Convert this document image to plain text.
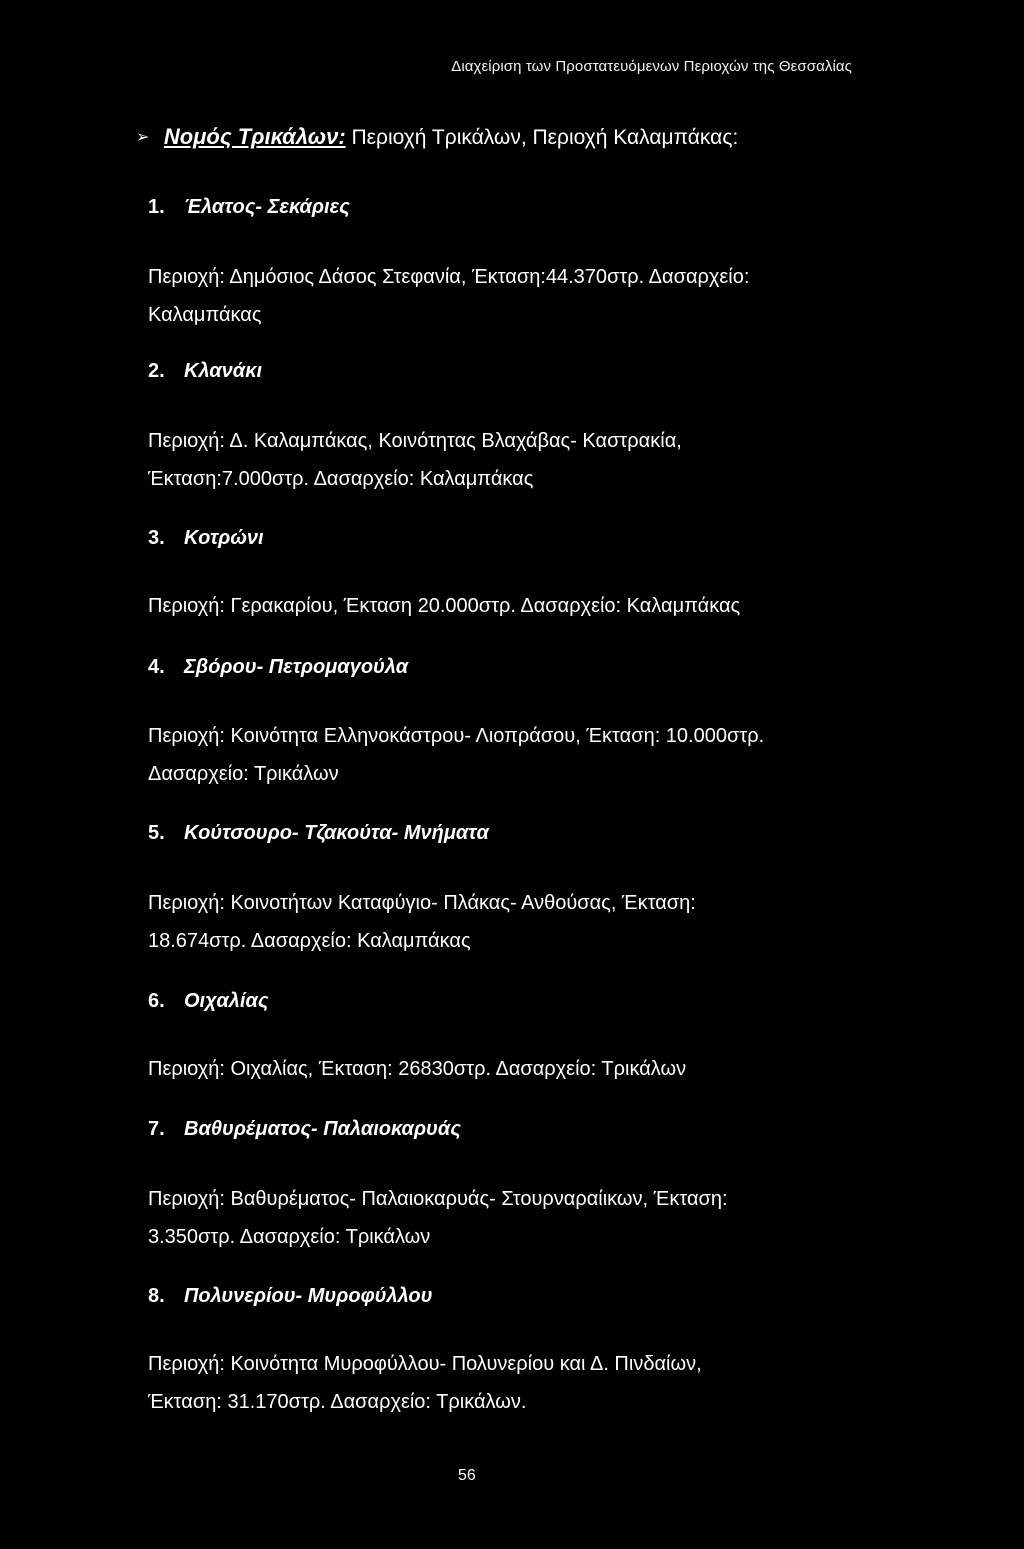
Διαχείριση των Προστατευόμενων Περιοχών της Θεσσαλίας
➢ Νομός Τρικάλων: Περιοχή Τρικάλων, Περιοχή Καλαμπάκας:
1. Έλατος- Σεκάριες
Περιοχή: Δημόσιος Δάσος Στεφανία, Έκταση:44.370στρ. Δασαρχείο:
Καλαμπάκας
2. Κλανάκι
Περιοχή: Δ. Καλαμπάκας, Κοινότητας Βλαχάβας- Καστρακία,
Έκταση:7.000στρ. Δασαρχείο: Καλαμπάκας
3. Κοτρώνι
Περιοχή: Γερακαρίου, Έκταση 20.000στρ. Δασαρχείο: Καλαμπάκας
4. Σβόρου- Πετρομαγούλα
Περιοχή: Κοινότητα Ελληνοκάστρου- Λιοπράσου, Έκταση: 10.000στρ.
Δασαρχείο: Τρικάλων
5. Κούτσουρο- Τζακούτα- Μνήματα
Περιοχή: Κοινοτήτων Καταφύγιο- Πλάκας- Ανθούσας, Έκταση:
18.674στρ. Δασαρχείο: Καλαμπάκας
6. Οιχαλίας
Περιοχή: Οιχαλίας, Έκταση: 26830στρ. Δασαρχείο: Τρικάλων
7. Βαθυρέματος- Παλαιοκαρυάς
Περιοχή: Βαθυρέματος- Παλαιοκαρυάς- Στουρναραίικων, Έκταση:
3.350στρ. Δασαρχείο: Τρικάλων
8. Πολυνερίου- Μυροφύλλου
Περιοχή: Κοινότητα Μυροφύλλου- Πολυνερίου και Δ. Πινδαίων,
Έκταση: 31.170στρ. Δασαρχείο: Τρικάλων.
56
